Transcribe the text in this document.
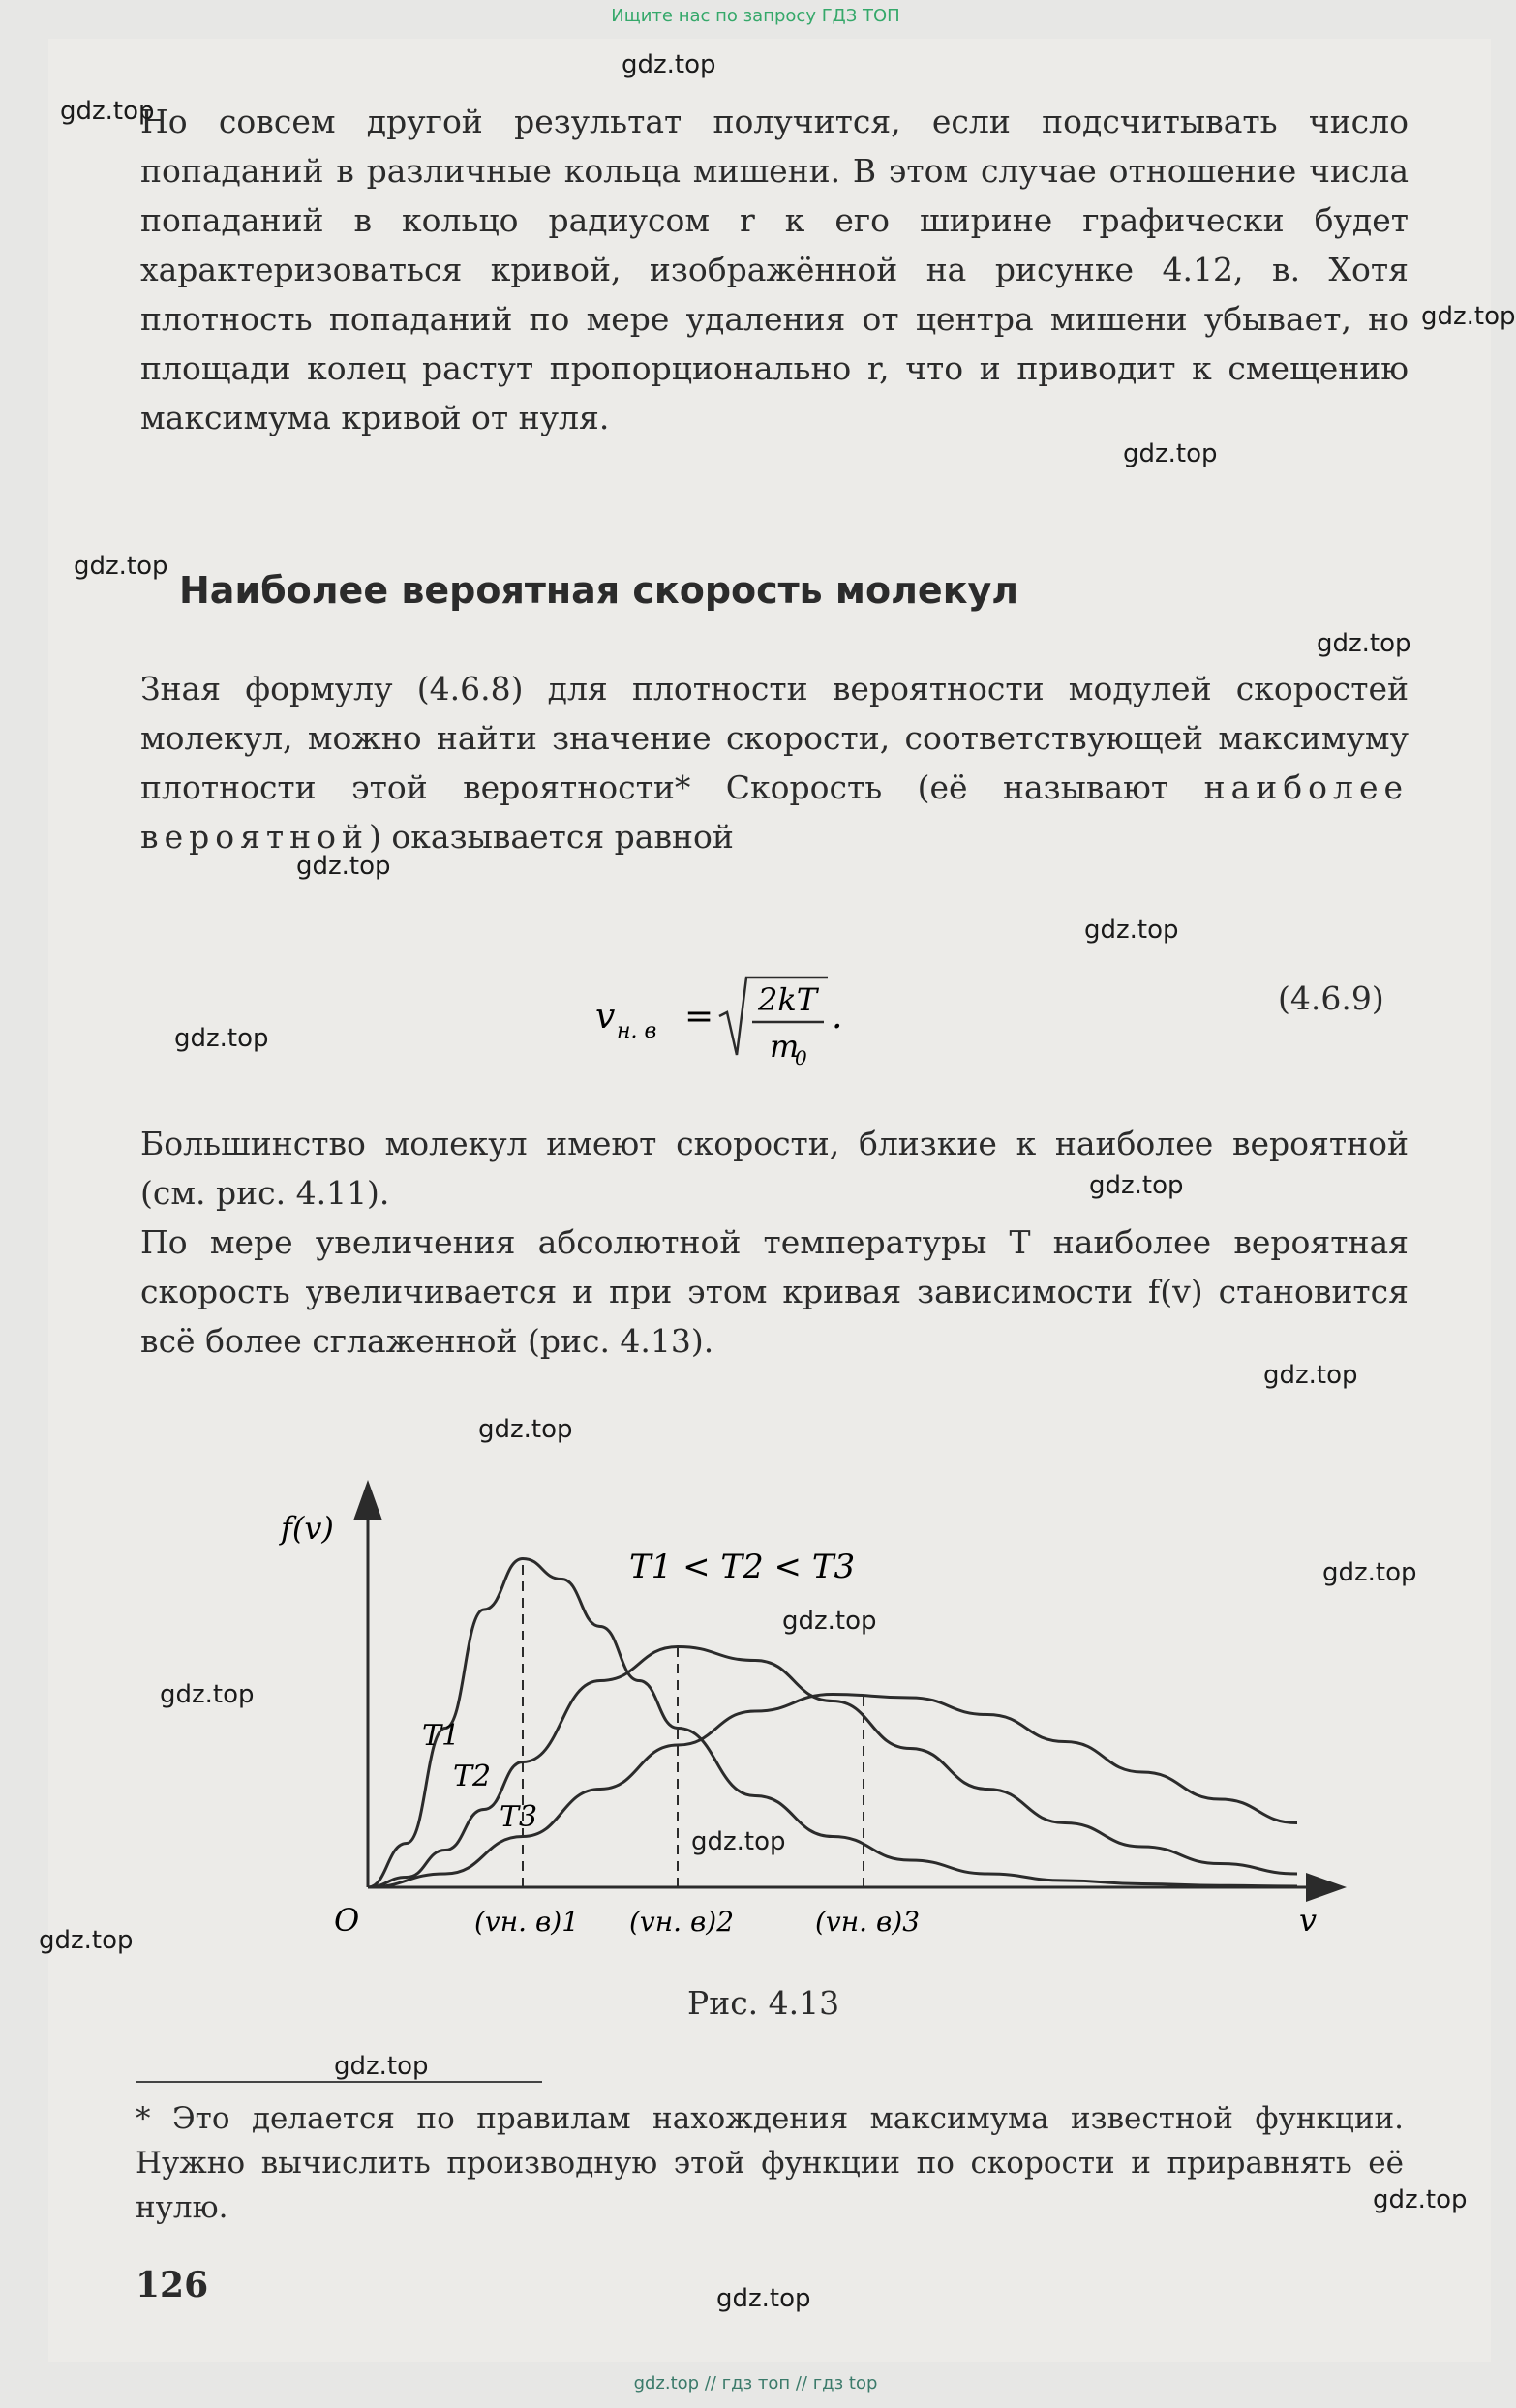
Ищите нас по запросу ГДЗ ТОП

Но совсем другой результат получится, если подсчитывать число попаданий в различные кольца мишени. В этом случае отношение числа попаданий в кольцо радиусом r к его ширине графически будет характеризоваться кривой, изображённой на рисунке 4.12, в. Хотя плотность попаданий по мере удаления от центра мишени убывает, но площади колец растут пропорционально r, что и приводит к смещению максимума кривой от нуля.

Наиболее вероятная скорость молекул

Зная формулу (4.6.8) для плотности вероятности модулей скоростей молекул, можно найти значение скорости, соответствующей максимуму плотности этой вероятности* Скорость (её называют наиболее вероятной) оказывается равной

v н. в = 2kT
m
0
.	(4.6.9)

Большинство молекул имеют скорости, близкие к наиболее вероятной (см. рис. 4.11).

По мере увеличения абсолютной температуры T наиболее вероятная скорость увеличивается и при этом кривая зависимости f(v) становится всё более сглаженной (рис. 4.13).

f(v)
v
O
T1 < T2 < T3
T1
T2
T3
(vн. в)1 (vн. в)2	(vн. в)3
Рис. 4.13

* Это делается по правилам нахождения максимума известной функции. Нужно вычислить производную этой функции по скорости и приравнять её нулю.

126
gdz.top // гдз топ // гдз top
gdz.top
gdz.top
gdz.top
gdz.top
gdz.top
gdz.top
gdz.top
gdz.top
gdz.top
gdz.top
gdz.top
gdz.top
gdz.top
gdz.top
gdz.top
gdz.top
gdz.top
gdz.top
gdz.top
gdz.top
